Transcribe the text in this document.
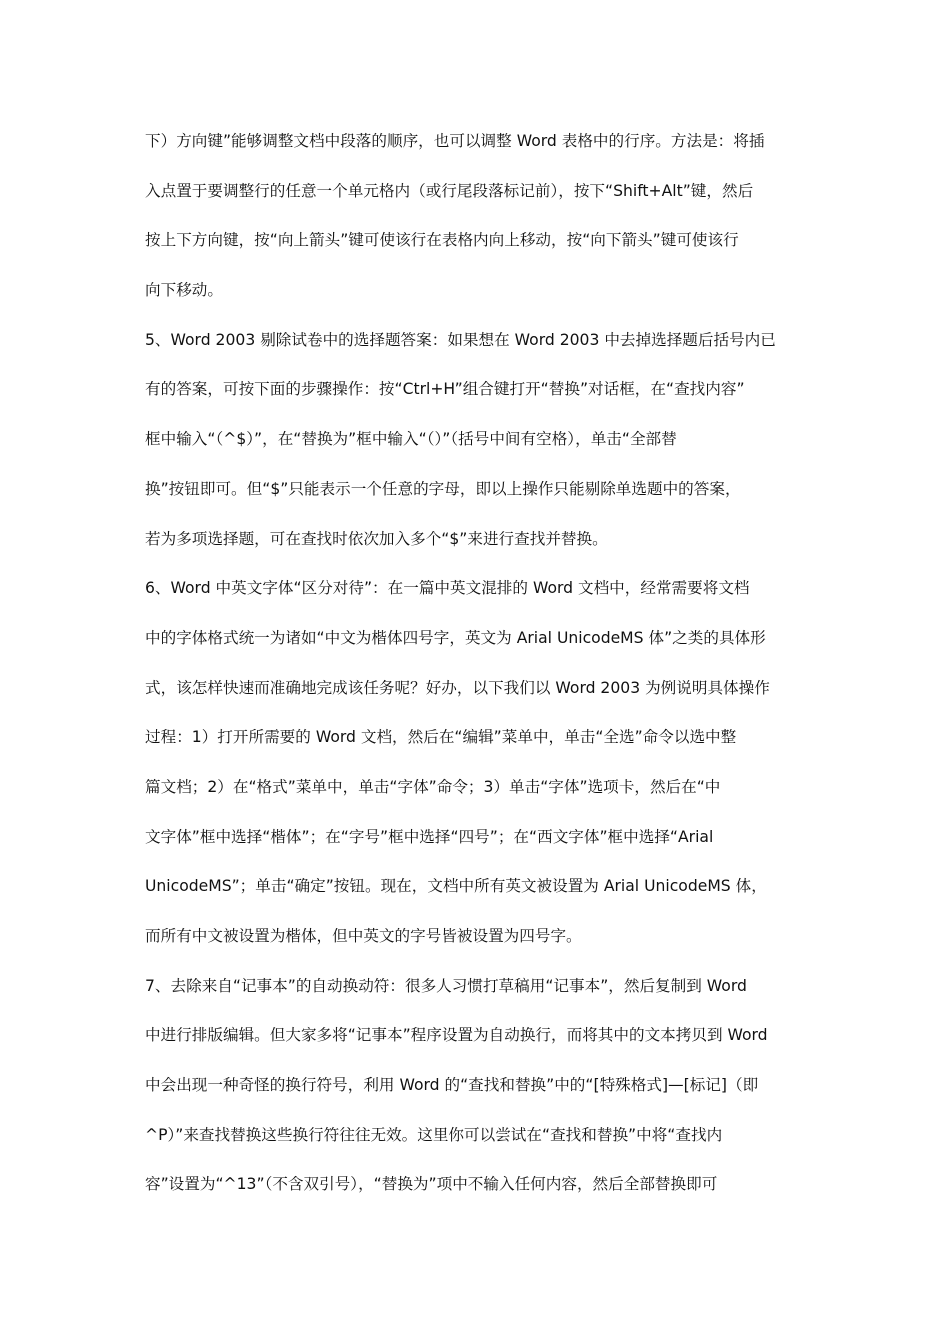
下）方向键”能够调整文档中段落的顺序，也可以调整 Word 表格中的行序。方法是：将插
入点置于要调整行的任意一个单元格内（或行尾段落标记前），按下“Shift+Alt”键，然后
按上下方向键，按“向上箭头”键可使该行在表格内向上移动，按“向下箭头”键可使该行
向下移动。
5、Word 2003 剔除试卷中的选择题答案：如果想在 Word 2003 中去掉选择题后括号内已
有的答案，可按下面的步骤操作：按“Ctrl+H”组合键打开“替换”对话框，在“查找内容”
框中输入“（^$）”，在“替换为”框中输入“（）”（括号中间有空格），单击“全部替
换”按钮即可。但“$”只能表示一个任意的字母，即以上操作只能剔除单选题中的答案，
若为多项选择题，可在查找时依次加入多个“$”来进行查找并替换。
6、Word 中英文字体“区分对待”：在一篇中英文混排的 Word 文档中，经常需要将文档
中的字体格式统一为诸如“中文为楷体四号字，英文为 Arial UnicodeMS 体”之类的具体形
式，该怎样快速而准确地完成该任务呢？好办，以下我们以 Word 2003 为例说明具体操作
过程：1）打开所需要的 Word 文档，然后在“编辑”菜单中，单击“全选”命令以选中整
篇文档；2）在“格式”菜单中，单击“字体”命令；3）单击“字体”选项卡，然后在“中
文字体”框中选择“楷体”；在“字号”框中选择“四号”；在“西文字体”框中选择“Arial
UnicodeMS”；单击“确定”按钮。现在，文档中所有英文被设置为 Arial UnicodeMS 体，
而所有中文被设置为楷体，但中英文的字号皆被设置为四号字。
7、去除来自“记事本”的自动换动符：很多人习惯打草稿用“记事本”，然后复制到 Word
中进行排版编辑。但大家多将“记事本”程序设置为自动换行，而将其中的文本拷贝到 Word
中会出现一种奇怪的换行符号，利用 Word 的“查找和替换”中的“[特殊格式]—[标记]（即
^P）”来查找替换这些换行符往往无效。这里你可以尝试在“查找和替换”中将“查找内
容”设置为“^13”（不含双引号），“替换为”项中不输入任何内容，然后全部替换即可
